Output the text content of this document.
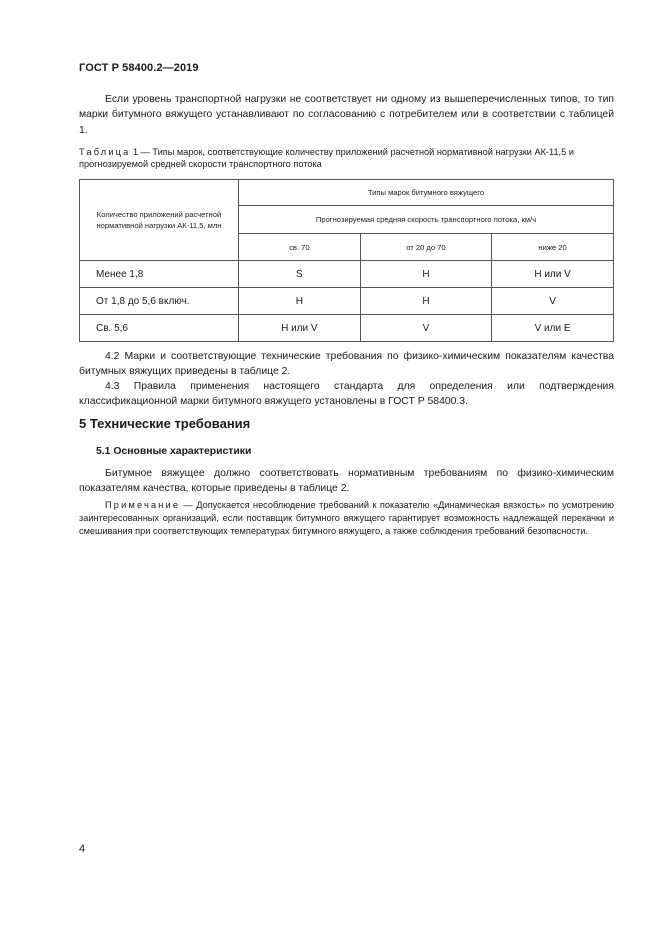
ГОСТ Р 58400.2—2019

Если уровень транспортной нагрузки не соответствует ни одному из вышеперечисленных типов, то тип марки битумного вяжущего устанавливают по согласованию с потребителем или в соответствии с таблицей 1.

Таблица 1 — Типы марок, соответствующие количеству приложений расчетной нормативной нагрузки АК-11,5 и прогнозируемой средней скорости транспортного потока

Количество приложений расчетной нормативной нагрузки АК-11,5, млн	Типы марок битумного вяжущего		
	Прогнозируемая средняя скорость транспортного потока, км/ч		
	св. 70	от 20 до 70	ниже 20
Менее 1,8	S	H	H или V
От 1,8 до 5,6 включ.	H	H	V
Св. 5,6	H или V	V	V или E

4.2 Марки и соответствующие технические требования по физико-химическим показателям качества битумных вяжущих приведены в таблице 2.

4.3 Правила применения настоящего стандарта для определения или подтверждения классификационной марки битумного вяжущего установлены в ГОСТ Р 58400.3.

5 Технические требования
5.1 Основные характеристики

Битумное вяжущее должно соответствовать нормативным требованиям по физико-химическим показателям качества, которые приведены в таблице 2.

Примечание — Допускается несоблюдение требований к показателю «Динамическая вязкость» по усмотрению заинтересованных организаций, если поставщик битумного вяжущего гарантирует возможность надлежащей перекачки и смешивания при соответствующих температурах битумного вяжущего, а также соблюдения требований безопасности.

4
